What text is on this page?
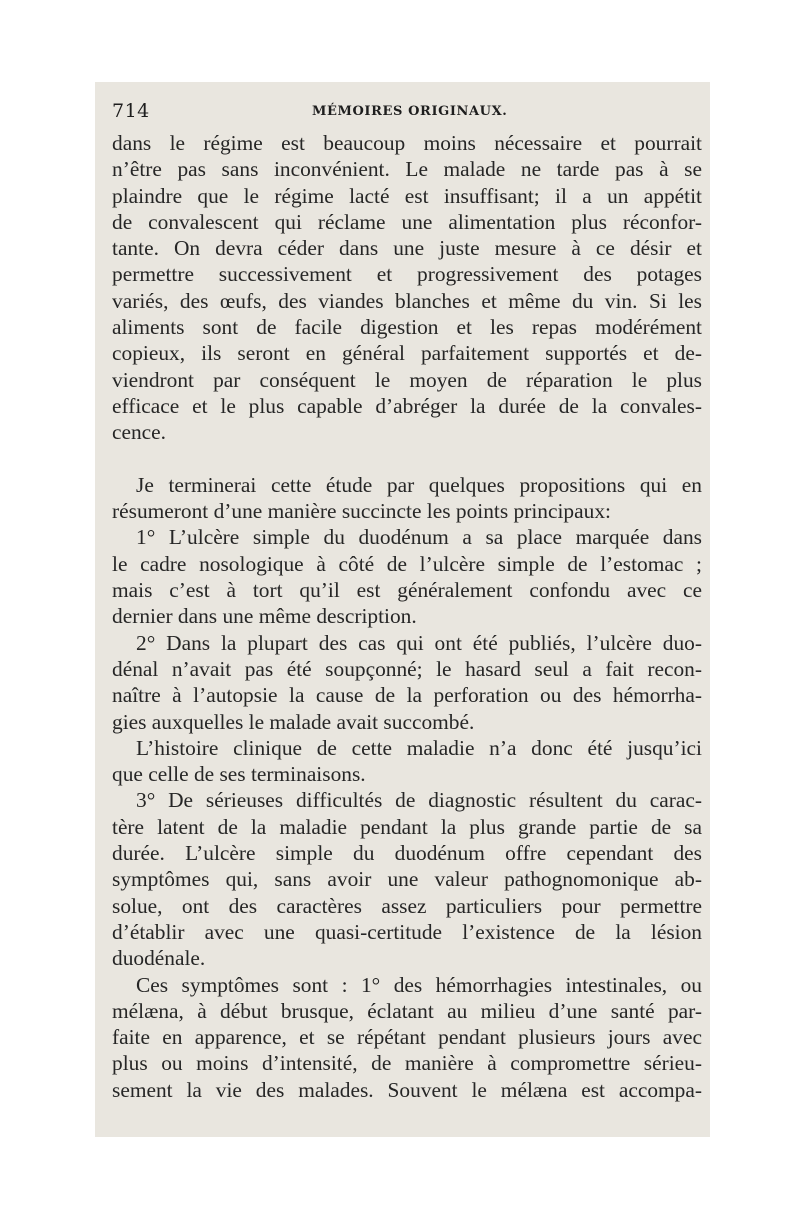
714	MÉMOIRES ORIGINAUX.

dans le régime est beaucoup moins nécessaire et pourrait
n’être pas sans inconvénient. Le malade ne tarde pas à se
plaindre que le régime lacté est insuffisant; il a un appétit
de convalescent qui réclame une alimentation plus réconfor-
tante. On devra céder dans une juste mesure à ce désir et
permettre successivement et progressivement des potages
variés, des œufs, des viandes blanches et même du vin. Si les
aliments sont de facile digestion et les repas modérément
copieux, ils seront en général parfaitement supportés et de-
viendront par conséquent le moyen de réparation le plus
efficace et le plus capable d’abréger la durée de la convales-
cence.

Je terminerai cette étude par quelques propositions qui en
résumeront d’une manière succincte les points principaux:

1° L’ulcère simple du duodénum a sa place marquée dans
le cadre nosologique à côté de l’ulcère simple de l’estomac ;
mais c’est à tort qu’il est généralement confondu avec ce
dernier dans une même description.

2° Dans la plupart des cas qui ont été publiés, l’ulcère duo-
dénal n’avait pas été soupçonné; le hasard seul a fait recon-
naître à l’autopsie la cause de la perforation ou des hémorrha-
gies auxquelles le malade avait succombé.

L’histoire clinique de cette maladie n’a donc été jusqu’ici
que celle de ses terminaisons.

3° De sérieuses difficultés de diagnostic résultent du carac-
tère latent de la maladie pendant la plus grande partie de sa
durée. L’ulcère simple du duodénum offre cependant des
symptômes qui, sans avoir une valeur pathognomonique ab-
solue, ont des caractères assez particuliers pour permettre
d’établir avec une quasi-certitude l’existence de la lésion
duodénale.

Ces symptômes sont : 1° des hémorrhagies intestinales, ou
mélæna, à début brusque, éclatant au milieu d’une santé par-
faite en apparence, et se répétant pendant plusieurs jours avec
plus ou moins d’intensité, de manière à compromettre sérieu-
sement la vie des malades. Souvent le mélæna est accompa-
